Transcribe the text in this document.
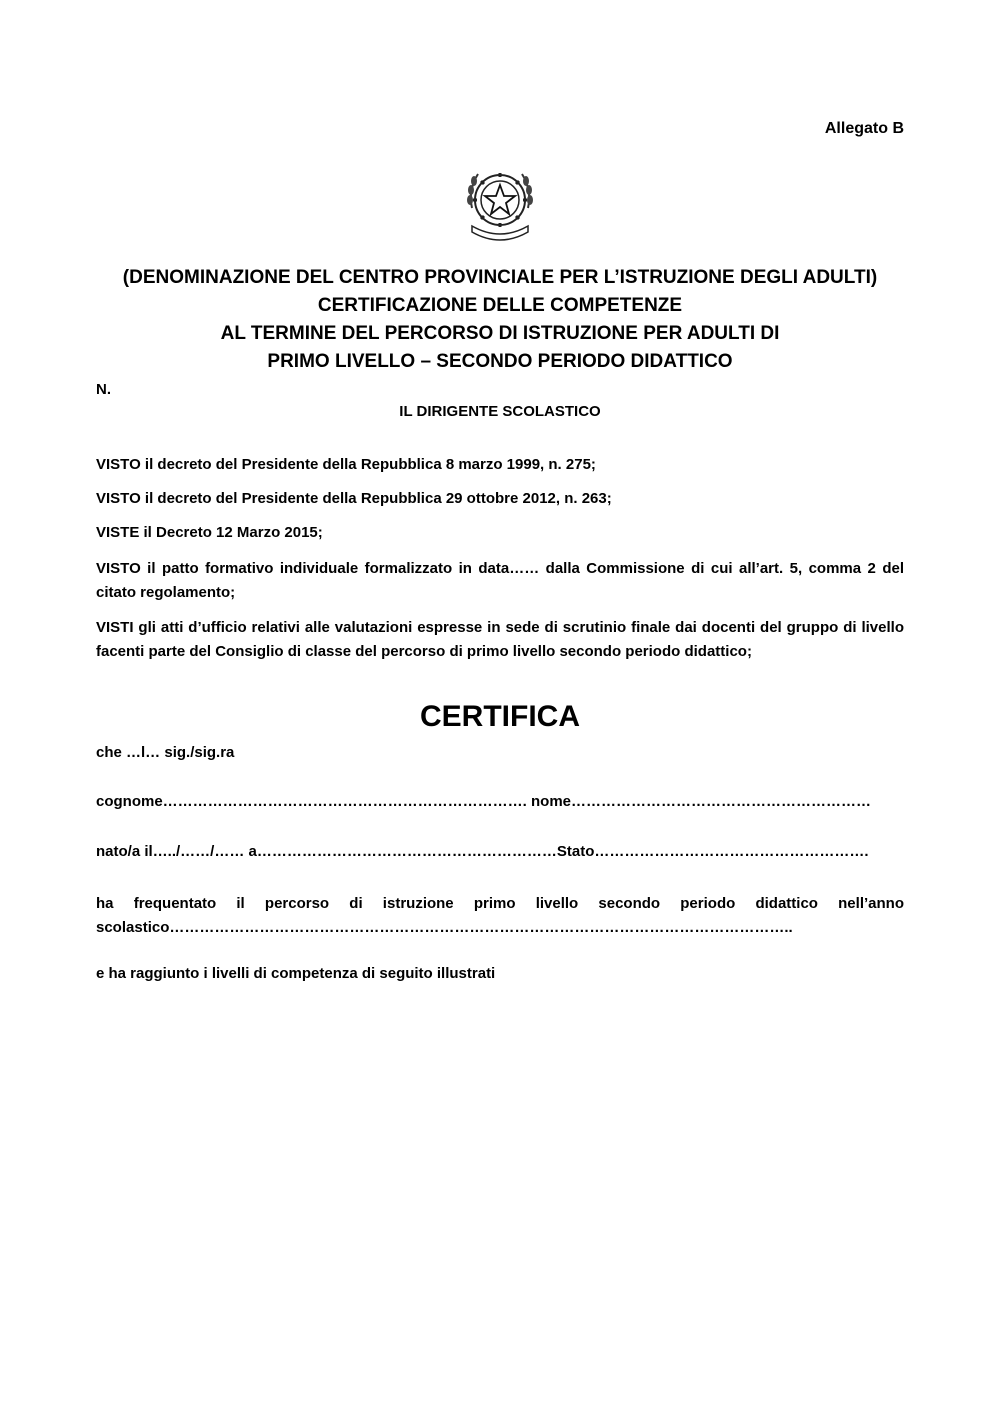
Allegato B
(DENOMINAZIONE DEL CENTRO PROVINCIALE PER L’ISTRUZIONE DEGLI ADULTI)
CERTIFICAZIONE DELLE COMPETENZE
AL TERMINE DEL PERCORSO DI ISTRUZIONE PER ADULTI DI
PRIMO LIVELLO – SECONDO PERIODO DIDATTICO
N.
IL DIRIGENTE SCOLASTICO
VISTO il decreto del Presidente della Repubblica 8 marzo 1999, n. 275;
VISTO il decreto del Presidente della Repubblica 29 ottobre 2012, n. 263;
VISTE il Decreto 12 Marzo 2015;
VISTO il patto formativo individuale formalizzato in data…… dalla Commissione di cui all’art. 5, comma 2 del citato regolamento;
VISTI gli atti d’ufficio relativi alle valutazioni espresse in sede di scrutinio finale dai docenti del gruppo di livello facenti parte del Consiglio di classe del percorso di primo livello secondo periodo didattico;
CERTIFICA
che …l… sig./sig.ra
cognome………………………………………………………………. nome……………………………………………………
nato/a il…../……/…… a……………………………………………………Stato……………………………………………….
ha frequentato il percorso di istruzione primo livello secondo periodo didattico nell’anno scolastico……………………………………………………………………………………………………………..
e ha raggiunto i livelli di competenza di seguito illustrati
